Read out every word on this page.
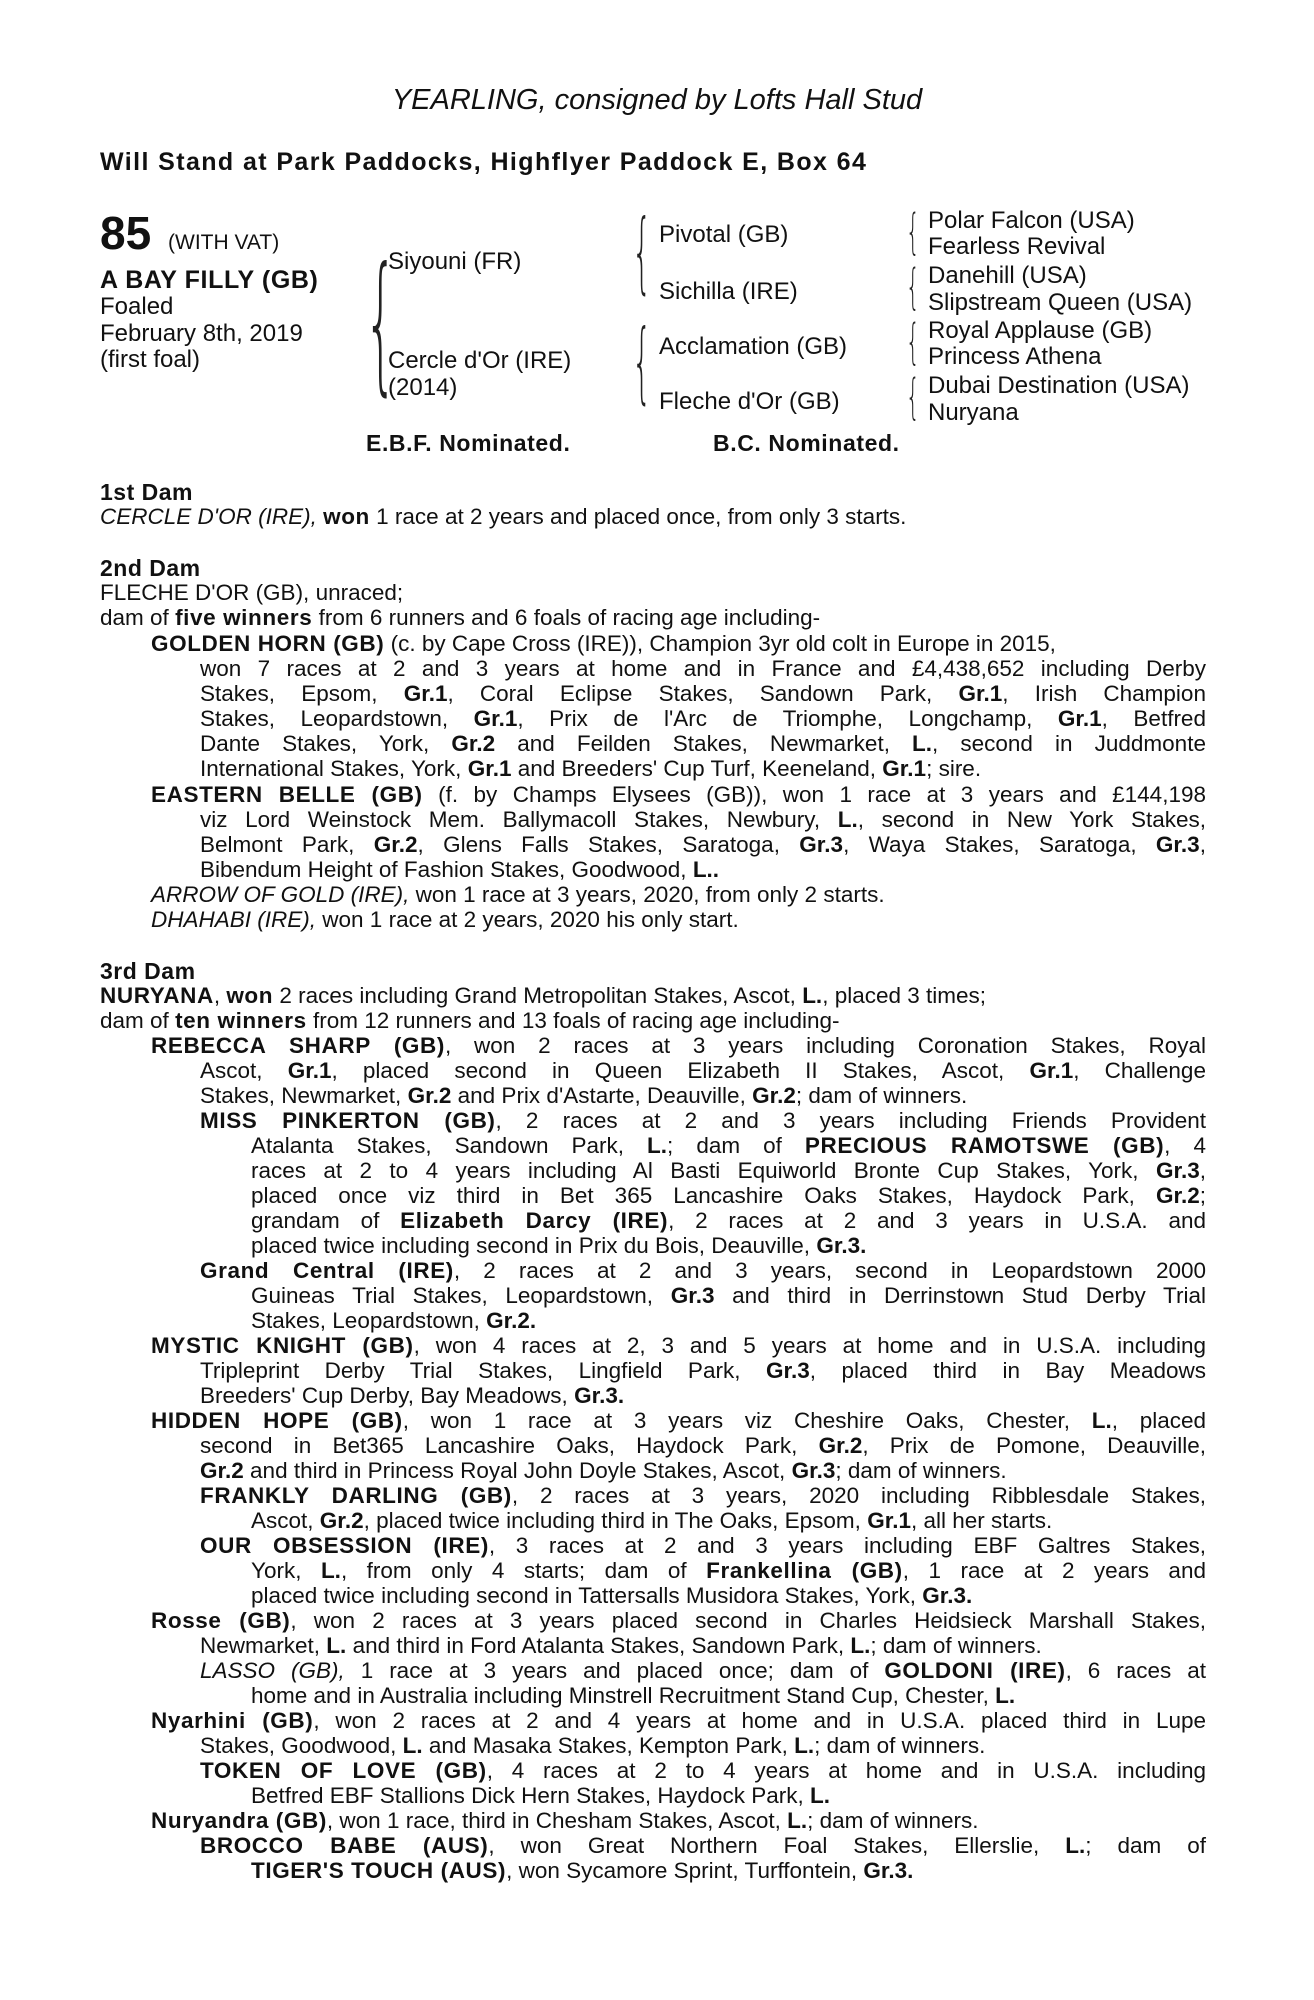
YEARLING, consigned by Lofts Hall Stud
Will Stand at Park Paddocks, Highflyer Paddock E, Box 64
85 (WITH VAT)
A BAY FILLY (GB)
Foaled
February 8th, 2019
(first foal) {
Siyouni (FR)
Cercle d'Or (IRE)
(2014)
{ Pivotal (GB)
Sichilla (IRE)
{ Acclamation (GB)
Fleche d'Or (GB)
{
{
{
{
Polar Falcon (USA)
Fearless Revival
Danehill (USA)
Slipstream Queen (USA)
Royal Applause (GB)
Princess Athena
Dubai Destination (USA)
Nuryana
E.B.F. Nominated.	B.C. Nominated.
1st Dam
CERCLE D'OR (IRE), won 1 race at 2 years and placed once, from only 3 starts.
2nd Dam
FLECHE D'OR (GB), unraced;
dam of five winners from 6 runners and 6 foals of racing age including-
GOLDEN HORN (GB) (c. by Cape Cross (IRE)), Champion 3yr old colt in Europe in 2015,
won 7 races at 2 and 3 years at home and in France and £4,438,652 including Derby
Stakes, Epsom, Gr.1, Coral Eclipse Stakes, Sandown Park, Gr.1, Irish Champion
Stakes, Leopardstown, Gr.1, Prix de l'Arc de Triomphe, Longchamp, Gr.1, Betfred
Dante Stakes, York, Gr.2 and Feilden Stakes, Newmarket, L., second in Juddmonte
International Stakes, York, Gr.1 and Breeders' Cup Turf, Keeneland, Gr.1; sire.
EASTERN BELLE (GB) (f. by Champs Elysees (GB)), won 1 race at 3 years and £144,198
viz Lord Weinstock Mem. Ballymacoll Stakes, Newbury, L., second in New York Stakes,
Belmont Park, Gr.2, Glens Falls Stakes, Saratoga, Gr.3, Waya Stakes, Saratoga, Gr.3,
Bibendum Height of Fashion Stakes, Goodwood, L..
ARROW OF GOLD (IRE), won 1 race at 3 years, 2020, from only 2 starts.
DHAHABI (IRE), won 1 race at 2 years, 2020 his only start.
3rd Dam
NURYANA, won 2 races including Grand Metropolitan Stakes, Ascot, L., placed 3 times;
dam of ten winners from 12 runners and 13 foals of racing age including-
REBECCA SHARP (GB), won 2 races at 3 years including Coronation Stakes, Royal
Ascot, Gr.1, placed second in Queen Elizabeth II Stakes, Ascot, Gr.1, Challenge
Stakes, Newmarket, Gr.2 and Prix d'Astarte, Deauville, Gr.2; dam of winners.
MISS PINKERTON (GB), 2 races at 2 and 3 years including Friends Provident
Atalanta Stakes, Sandown Park, L.; dam of PRECIOUS RAMOTSWE (GB), 4
races at 2 to 4 years including Al Basti Equiworld Bronte Cup Stakes, York, Gr.3,
placed once viz third in Bet 365 Lancashire Oaks Stakes, Haydock Park, Gr.2;
grandam of Elizabeth Darcy (IRE), 2 races at 2 and 3 years in U.S.A. and
placed twice including second in Prix du Bois, Deauville, Gr.3.
Grand Central (IRE), 2 races at 2 and 3 years, second in Leopardstown 2000
Guineas Trial Stakes, Leopardstown, Gr.3 and third in Derrinstown Stud Derby Trial
Stakes, Leopardstown, Gr.2.
MYSTIC KNIGHT (GB), won 4 races at 2, 3 and 5 years at home and in U.S.A. including
Tripleprint Derby Trial Stakes, Lingfield Park, Gr.3, placed third in Bay Meadows
Breeders' Cup Derby, Bay Meadows, Gr.3.
HIDDEN HOPE (GB), won 1 race at 3 years viz Cheshire Oaks, Chester, L., placed
second in Bet365 Lancashire Oaks, Haydock Park, Gr.2, Prix de Pomone, Deauville,
Gr.2 and third in Princess Royal John Doyle Stakes, Ascot, Gr.3; dam of winners.
FRANKLY DARLING (GB), 2 races at 3 years, 2020 including Ribblesdale Stakes,
Ascot, Gr.2, placed twice including third in The Oaks, Epsom, Gr.1, all her starts.
OUR OBSESSION (IRE), 3 races at 2 and 3 years including EBF Galtres Stakes,
York, L., from only 4 starts; dam of Frankellina (GB), 1 race at 2 years and
placed twice including second in Tattersalls Musidora Stakes, York, Gr.3.
Rosse (GB), won 2 races at 3 years placed second in Charles Heidsieck Marshall Stakes,
Newmarket, L. and third in Ford Atalanta Stakes, Sandown Park, L.; dam of winners.
LASSO (GB), 1 race at 3 years and placed once; dam of GOLDONI (IRE), 6 races at
home and in Australia including Minstrell Recruitment Stand Cup, Chester, L.
Nyarhini (GB), won 2 races at 2 and 4 years at home and in U.S.A. placed third in Lupe
Stakes, Goodwood, L. and Masaka Stakes, Kempton Park, L.; dam of winners.
TOKEN OF LOVE (GB), 4 races at 2 to 4 years at home and in U.S.A. including
Betfred EBF Stallions Dick Hern Stakes, Haydock Park, L.
Nuryandra (GB), won 1 race, third in Chesham Stakes, Ascot, L.; dam of winners.
BROCCO BABE (AUS), won Great Northern Foal Stakes, Ellerslie, L.; dam of
TIGER'S TOUCH (AUS), won Sycamore Sprint, Turffontein, Gr.3.
